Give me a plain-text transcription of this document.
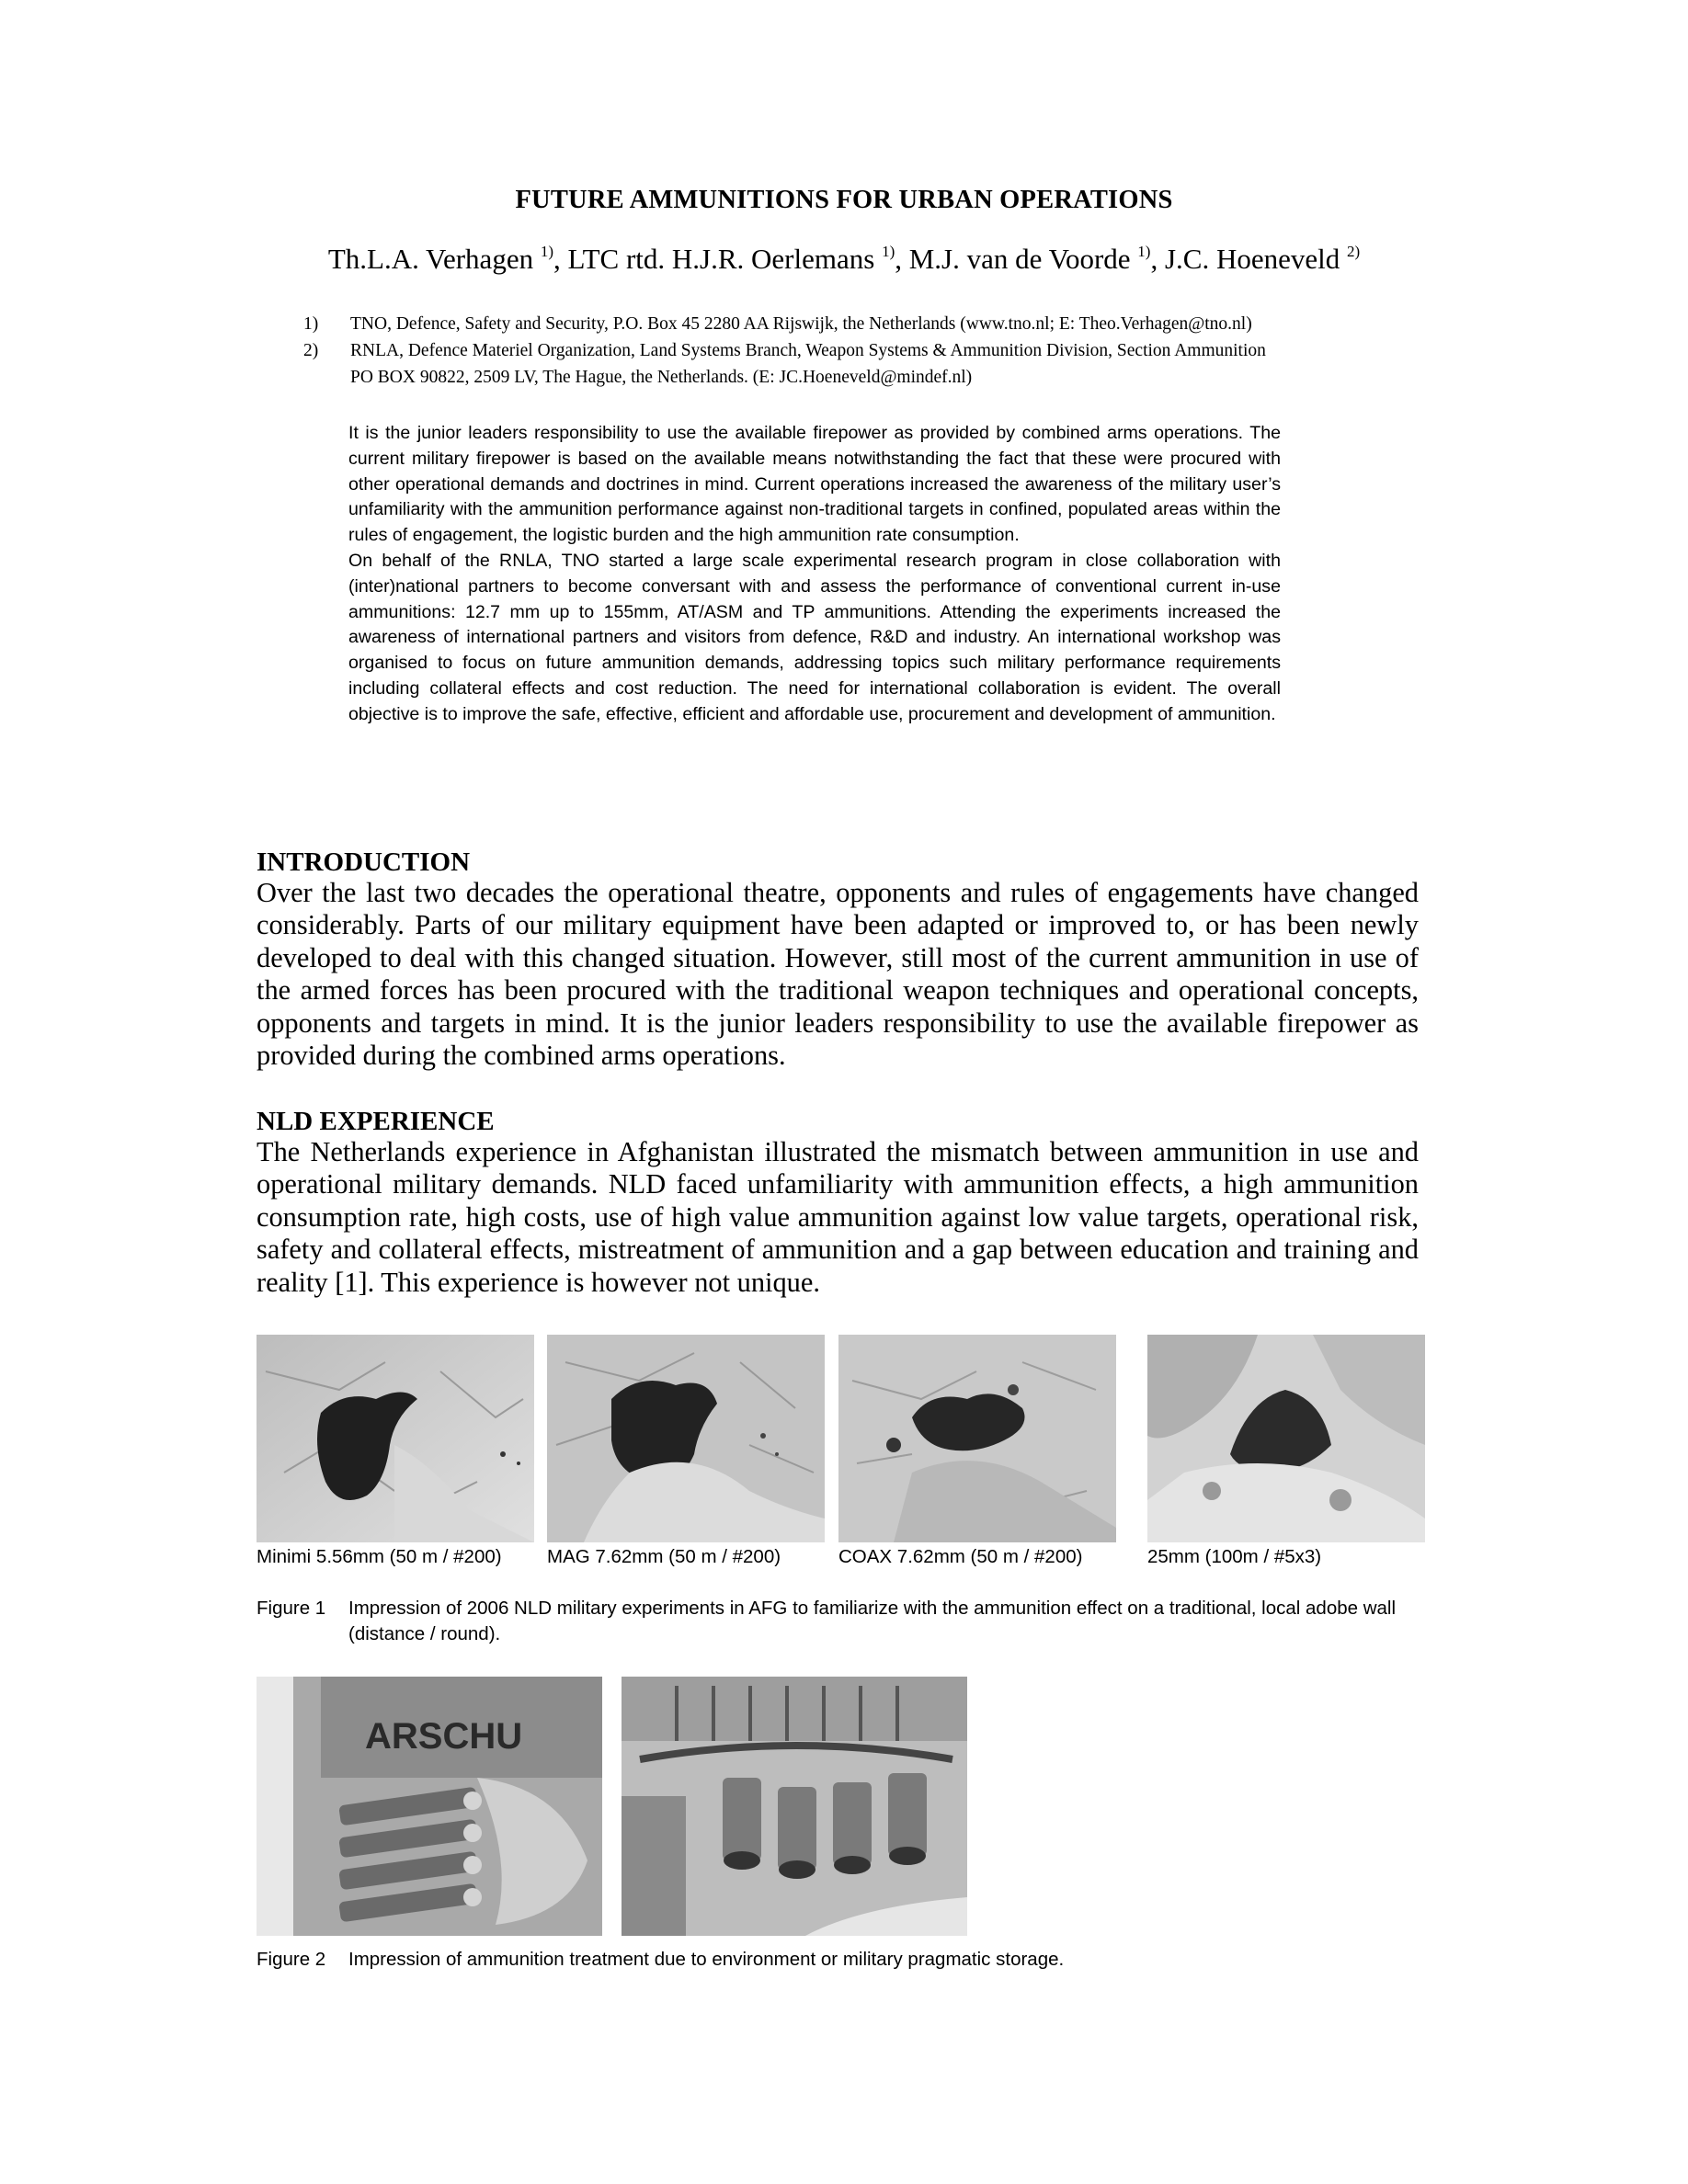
FUTURE AMMUNITIONS FOR URBAN OPERATIONS
Th.L.A. Verhagen $^{1)}$, LTC rtd. H.J.R. Oerlemans $^{1)}$, M.J. van de Voorde $^{1)}$, J.C. Hoeneveld $^{2)}$
1) TNO, Defence, Safety and Security, P.O. Box 45 2280 AA Rijswijk, the Netherlands (www.tno.nl; E: Theo.Verhagen@tno.nl)
2) RNLA, Defence Materiel Organization, Land Systems Branch, Weapon Systems & Ammunition Division, Section Ammunition
PO BOX 90822, 2509 LV, The Hague, the Netherlands. (E: JC.Hoeneveld@mindef.nl)

It is the junior leaders responsibility to use the available firepower as provided by combined arms operations. The current military firepower is based on the available means notwithstanding the fact that these were procured with other operational demands and doctrines in mind. Current operations increased the awareness of the military user’s unfamiliarity with the ammunition performance against non-traditional targets in confined, populated areas within the rules of engagement, the logistic burden and the high ammunition rate consumption.

On behalf of the RNLA, TNO started a large scale experimental research program in close collaboration with (inter)national partners to become conversant with and assess the performance of conventional current in-use ammunitions: 12.7 mm up to 155mm, AT/ASM and TP ammunitions. Attending the experiments increased the awareness of international partners and visitors from defence, R&D and industry. An international workshop was organised to focus on future ammunition demands, addressing topics such military performance requirements including collateral effects and cost reduction. The need for international collaboration is evident. The overall objective is to improve the safe, effective, efficient and affordable use, procurement and development of ammunition.

INTRODUCTION

Over the last two decades the operational theatre, opponents and rules of engagements have changed considerably. Parts of our military equipment have been adapted or improved to, or has been newly developed to deal with this changed situation. However, still most of the current ammunition in use of the armed forces has been procured with the traditional weapon techniques and operational concepts, opponents and targets in mind. It is the junior leaders responsibility to use the available firepower as provided during the combined arms operations.

NLD EXPERIENCE

The Netherlands experience in Afghanistan illustrated the mismatch between ammunition in use and operational military demands. NLD faced unfamiliarity with ammunition effects, a high ammunition consumption rate, high costs, use of high value ammunition against low value targets, operational risk, safety and collateral effects, mistreatment of ammunition and a gap between education and training and reality [1]. This experience is however not unique.

Minimi 5.56mm (50 m / #200) MAG 7.62mm (50 m / #200)	COAX 7.62mm (50 m / #200)	25mm (100m / #5x3)
Figure 1 Impression of 2006 NLD military experiments in AFG to familiarize with the ammunition effect on a traditional, local adobe wall (distance / round).
ARSCHU
Figure 2 Impression of ammunition treatment due to environment or military pragmatic storage.
